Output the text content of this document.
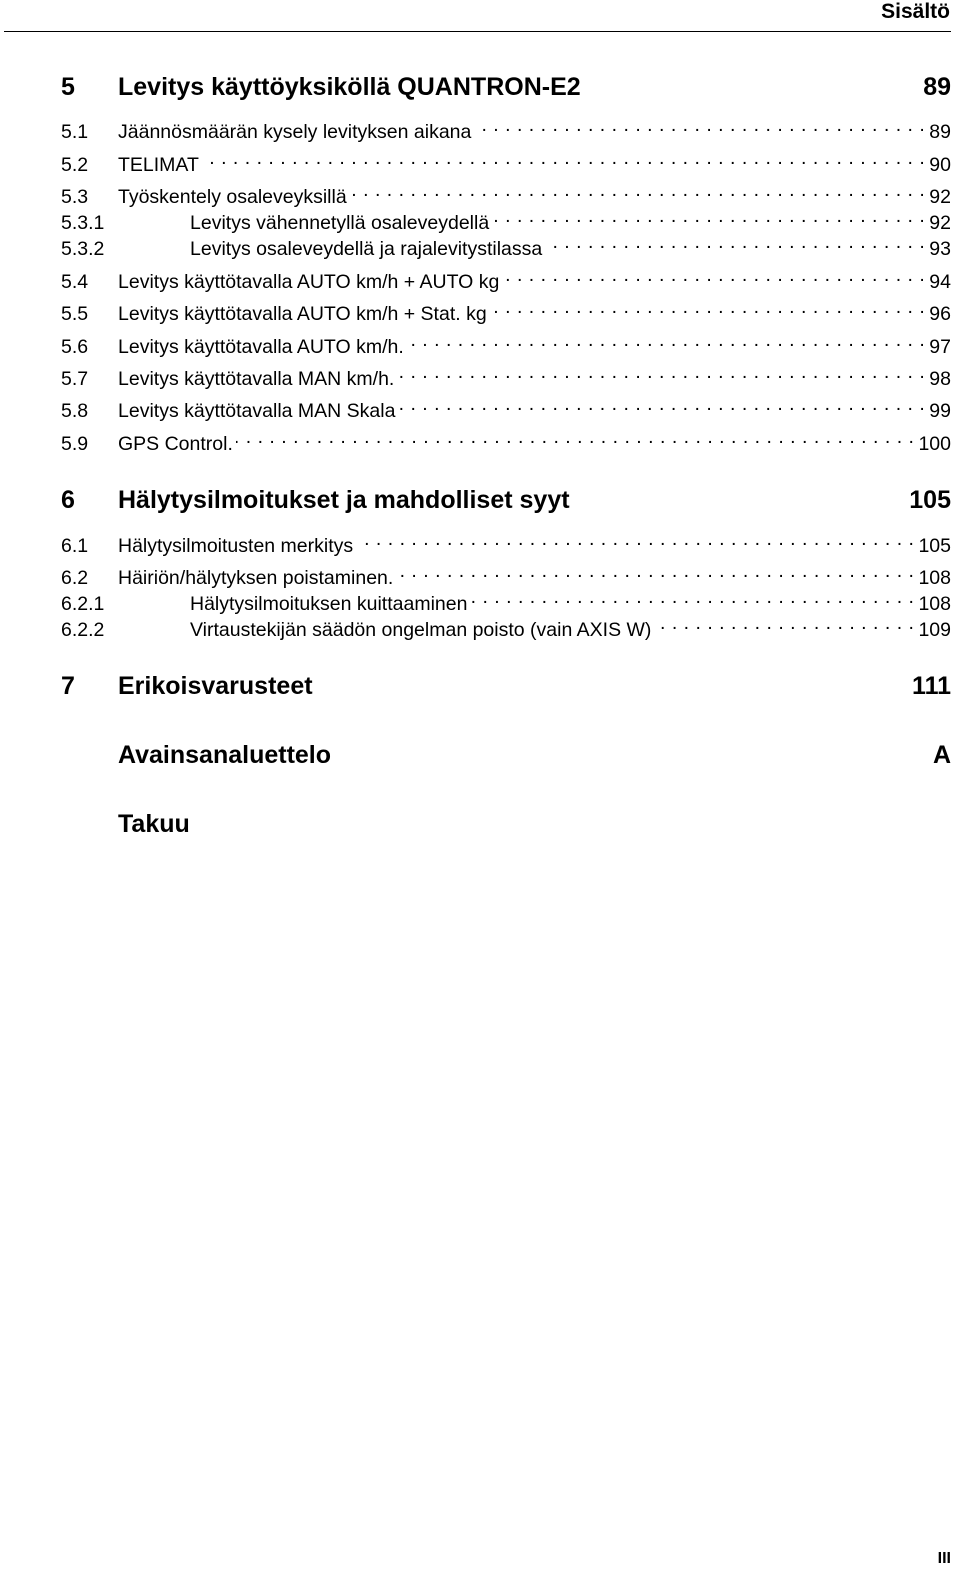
Sisältö
5	Levitys käyttöyksiköllä QUANTRON-E2	89
5.1	Jäännösmäärän kysely levityksen aikana . . .	89
5.2	TELIMAT . . .	90
5.3	Työskentely osaleveyksillä . . .	92
5.3.1	Levitys vähennetyllä osaleveydellä . . .	92
5.3.2	Levitys osaleveydellä ja rajalevitystilassa . . .	93
5.4	Levitys käyttötavalla AUTO km/h + AUTO kg . . .	94
5.5	Levitys käyttötavalla AUTO km/h + Stat. kg . . .	96
5.6	Levitys käyttötavalla AUTO km/h. . . .	97
5.7	Levitys käyttötavalla MAN km/h. . . .	98
5.8	Levitys käyttötavalla MAN Skala . . .	99
5.9	GPS Control. . . .	100
6	Hälytysilmoitukset ja mahdolliset syyt	105
6.1	Hälytysilmoitusten merkitys . . .	105
6.2	Häiriön/hälytyksen poistaminen. . . .	108
6.2.1	Hälytysilmoituksen kuittaaminen . . .	108
6.2.2	Virtaustekijän säädön ongelman poisto (vain AXIS W) . . .	109
7	Erikoisvarusteet	111
Avainsanaluettelo	A
Takuu
III
